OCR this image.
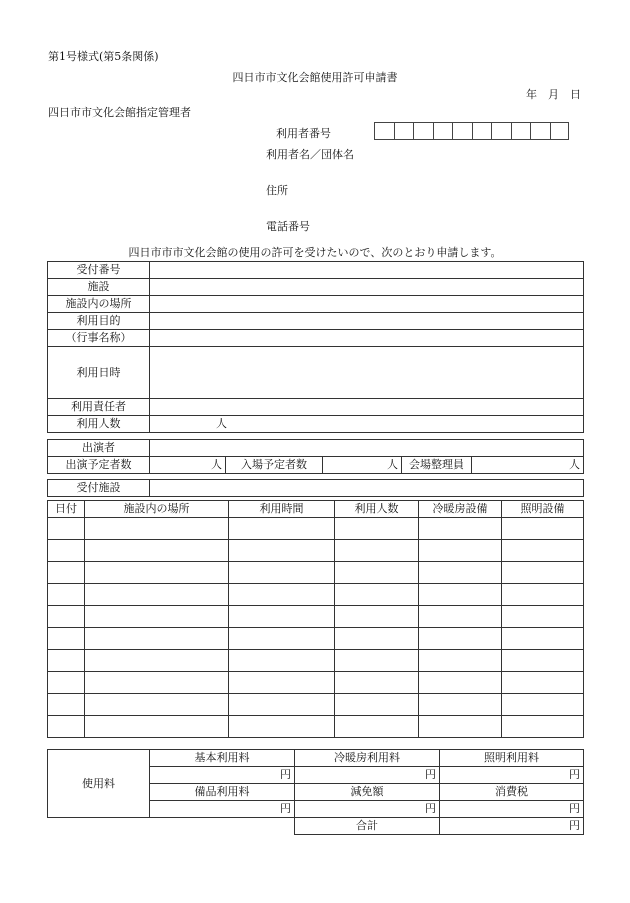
第1号様式(第5条関係)
四日市市文化会館使用許可申請書
年　月　日
四日市市文化会館指定管理者
利用者番号
利用者名／団体名
住所
電話番号
四日市市市文化会館の使用の許可を受けたいので、次のとおり申請します。
受付番号	
施設	
施設内の場所	
利用目的	
（行事名称）	
利用日時	
利用責任者	
利用人数	人
出演者					
出演予定者数	人	入場予定者数	人	会場整理員	人
受付施設	
日付	施設内の場所	利用時間	利用人数	冷暖房設備	照明設備

使用料	基本利用料	冷暖房利用料	照明利用料
	円	円	円
	備品利用料	減免額	消費税
	円	円	円
		合計	円
